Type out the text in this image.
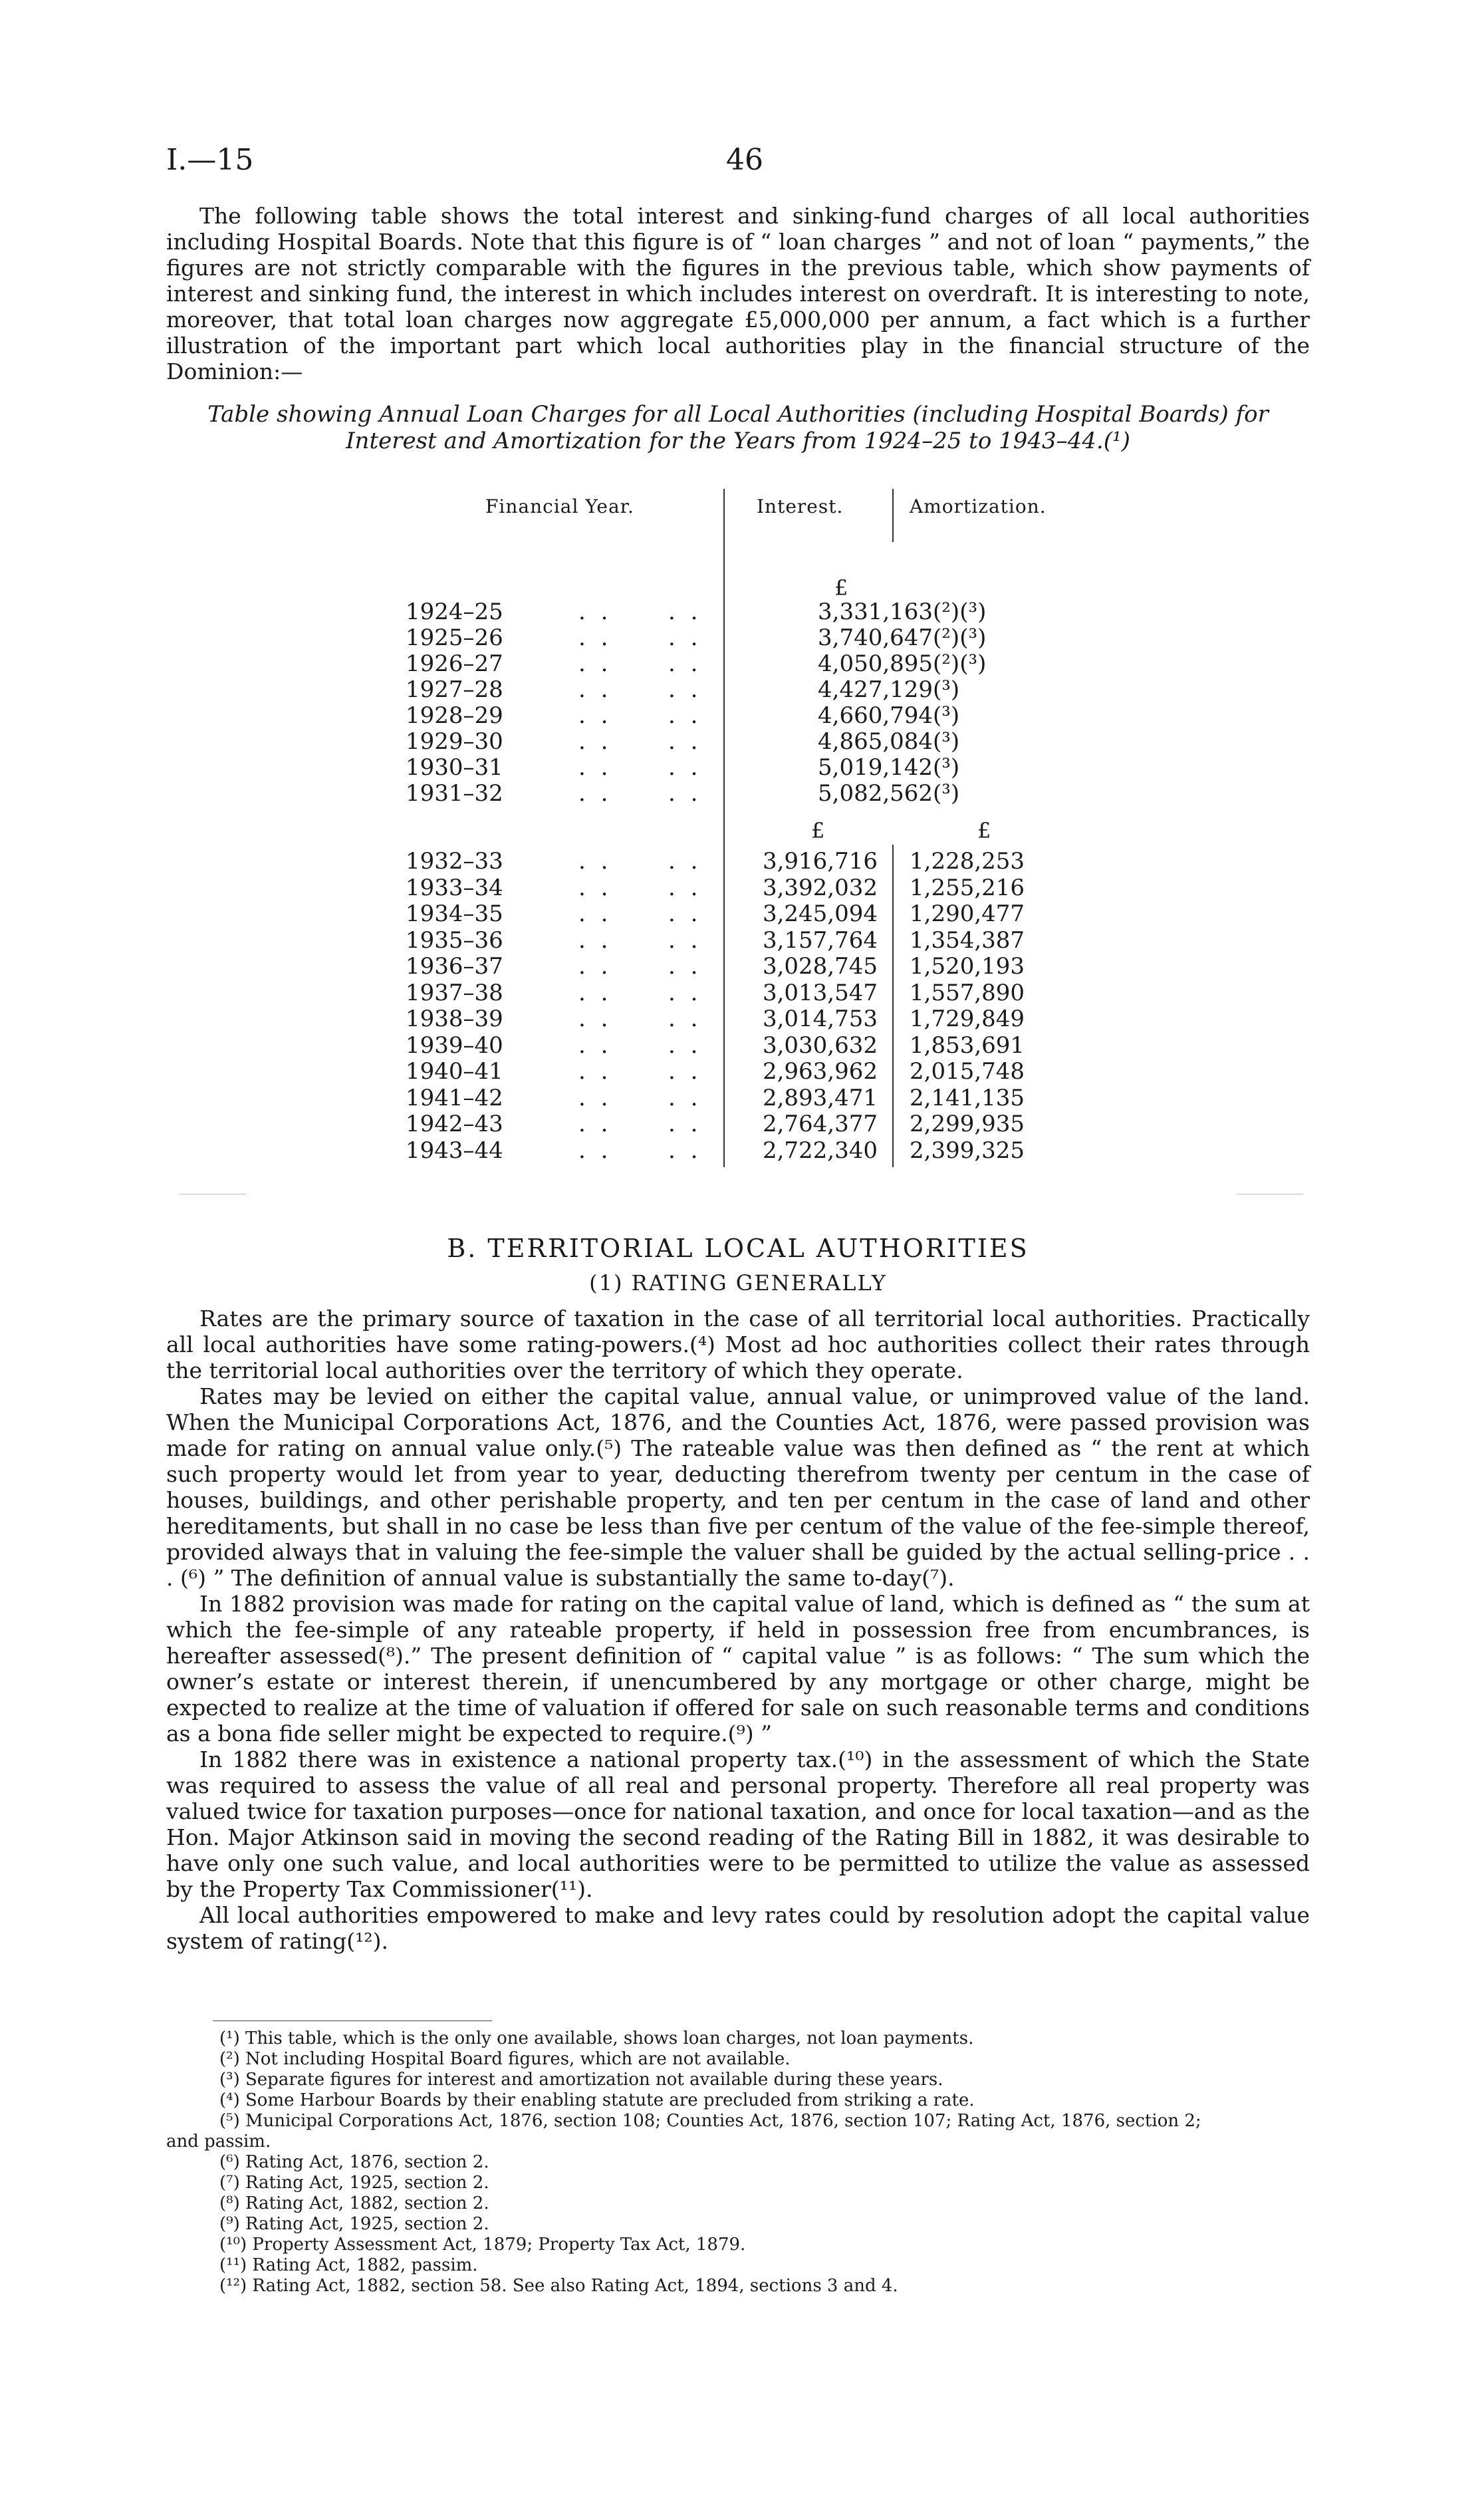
I.—15	46
The following table shows the total interest and sinking-fund charges of all local authorities including Hospital Boards. Note that this figure is of “ loan charges ” and not of loan “ payments,” the figures are not strictly comparable with the figures in the previous table, which show payments of interest and sinking fund, the interest in which includes interest on overdraft. It is interesting to note, moreover, that total loan charges now aggregate £5,000,000 per annum, a fact which is a further illustration of the important part which local authorities play in the financial structure of the Dominion:—
Table showing Annual Loan Charges for all Local Authorities (including Hospital Boards) for Interest and Amortization for the Years from 1924–25 to 1943–44.(¹)
Financial Year.	Interest.	Amortization.
£
£	£
1924–25	. . . .	3,331,163(²)(³)
1925–26	. . . .	3,740,647(²)(³)
1926–27	. . . .	4,050,895(²)(³)
1927–28	. . . .	4,427,129(³)
1928–29	. . . .	4,660,794(³)
1929–30	. . . .	4,865,084(³)
1930–31	. . . .	5,019,142(³)
1931–32	. . . .	5,082,562(³)
1932–33	. . . .	3,916,716 1,228,253
1933–34	. . . .	3,392,032 1,255,216
1934–35	. . . .	3,245,094 1,290,477
1935–36	. . . .	3,157,764 1,354,387
1936–37	. . . .	3,028,745 1,520,193
1937–38	. . . .	3,013,547 1,557,890
1938–39	. . . .	3,014,753 1,729,849
1939–40	. . . .	3,030,632 1,853,691
1940–41	. . . .	2,963,962 2,015,748
1941–42	. . . .	2,893,471 2,141,135
1942–43	. . . .	2,764,377 2,299,935
1943–44	. . . .	2,722,340 2,399,325
B. TERRITORIAL LOCAL AUTHORITIES
(1) RATING GENERALLY

Rates are the primary source of taxation in the case of all territorial local authorities. Practically all local authorities have some rating-powers.(⁴) Most ad hoc authorities collect their rates through the territorial local authorities over the territory of which they operate.

Rates may be levied on either the capital value, annual value, or unimproved value of the land. When the Municipal Corporations Act, 1876, and the Counties Act, 1876, were passed provision was made for rating on annual value only.(⁵) The rateable value was then defined as “ the rent at which such property would let from year to year, deducting therefrom twenty per centum in the case of houses, buildings, and other perishable property, and ten per centum in the case of land and other hereditaments, but shall in no case be less than five per centum of the value of the fee-simple thereof, provided always that in valuing the fee-simple the valuer shall be guided by the actual selling-price . . . (⁶) ” The definition of annual value is substantially the same to-day(⁷).

In 1882 provision was made for rating on the capital value of land, which is defined as “ the sum at which the fee-simple of any rateable property, if held in possession free from encumbrances, is hereafter assessed(⁸).” The present definition of “ capital value ” is as follows: “ The sum which the owner’s estate or interest therein, if unencumbered by any mortgage or other charge, might be expected to realize at the time of valuation if offered for sale on such reasonable terms and conditions as a bona fide seller might be expected to require.(⁹) ”

In 1882 there was in existence a national property tax.(¹⁰) in the assessment of which the State was required to assess the value of all real and personal property. Therefore all real property was valued twice for taxation purposes—once for national taxation, and once for local taxation—and as the Hon. Major Atkinson said in moving the second reading of the Rating Bill in 1882, it was desirable to have only one such value, and local authorities were to be permitted to utilize the value as assessed by the Property Tax Commissioner(¹¹).

All local authorities empowered to make and levy rates could by resolution adopt the capital value system of rating(¹²).

(¹) This table, which is the only one available, shows loan charges, not loan payments.
(²) Not including Hospital Board figures, which are not available.
(³) Separate figures for interest and amortization not available during these years.
(⁴) Some Harbour Boards by their enabling statute are precluded from striking a rate.
(⁵) Municipal Corporations Act, 1876, section 108; Counties Act, 1876, section 107; Rating Act, 1876, section 2;
and passim.
(⁶) Rating Act, 1876, section 2.
(⁷) Rating Act, 1925, section 2.
(⁸) Rating Act, 1882, section 2.
(⁹) Rating Act, 1925, section 2.
(¹⁰) Property Assessment Act, 1879; Property Tax Act, 1879.
(¹¹) Rating Act, 1882, passim.
(¹²) Rating Act, 1882, section 58. See also Rating Act, 1894, sections 3 and 4.
